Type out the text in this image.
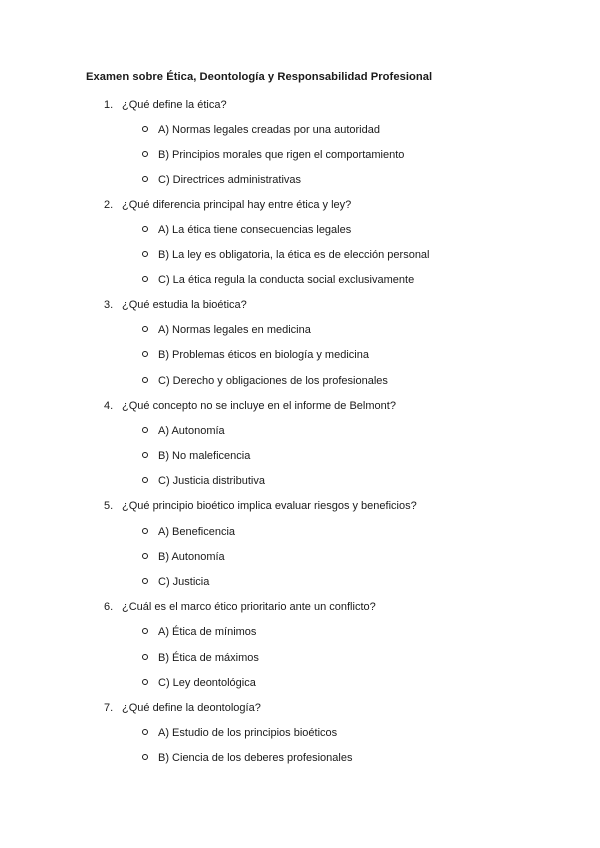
Examen sobre Ética, Deontología y Responsabilidad Profesional
1. ¿Qué define la ética?
A) Normas legales creadas por una autoridad
B) Principios morales que rigen el comportamiento
C) Directrices administrativas
2. ¿Qué diferencia principal hay entre ética y ley?
A) La ética tiene consecuencias legales
B) La ley es obligatoria, la ética es de elección personal
C) La ética regula la conducta social exclusivamente
3. ¿Qué estudia la bioética?
A) Normas legales en medicina
B) Problemas éticos en biología y medicina
C) Derecho y obligaciones de los profesionales
4. ¿Qué concepto no se incluye en el informe de Belmont?
A) Autonomía
B) No maleficencia
C) Justicia distributiva
5. ¿Qué principio bioético implica evaluar riesgos y beneficios?
A) Beneficencia
B) Autonomía
C) Justicia
6. ¿Cuál es el marco ético prioritario ante un conflicto?
A) Ética de mínimos
B) Ética de máximos
C) Ley deontológica
7. ¿Qué define la deontología?
A) Estudio de los principios bioéticos
B) Ciencia de los deberes profesionales
